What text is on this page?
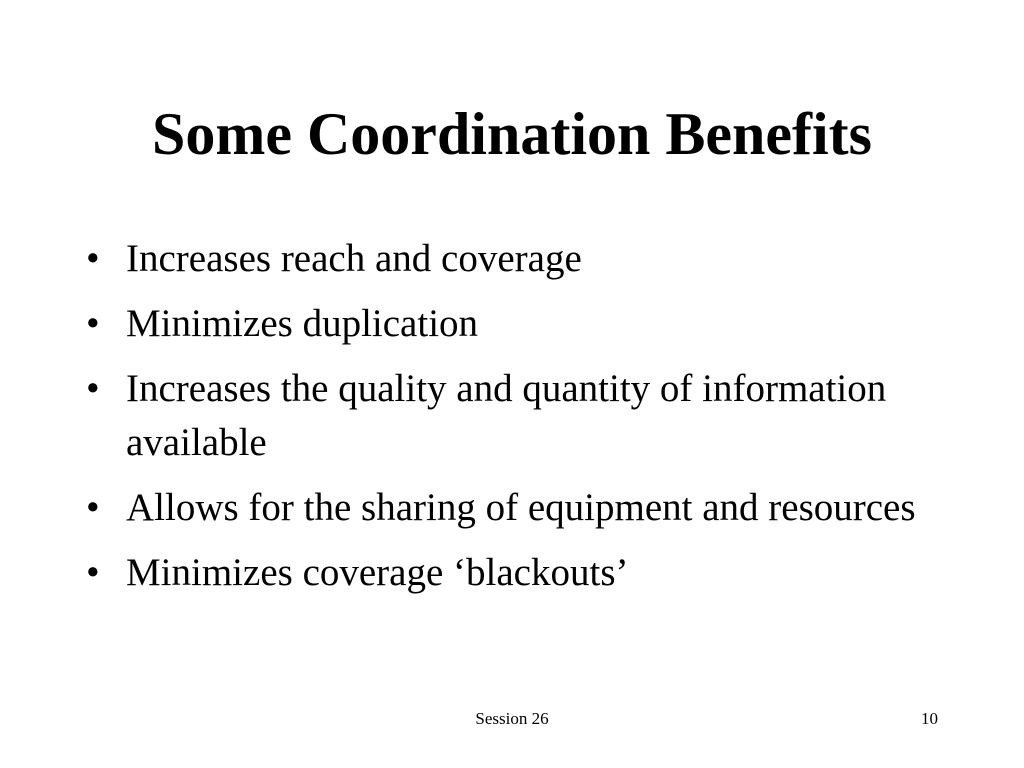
Some Coordination Benefits
• Increases reach and coverage
• Minimizes duplication
• Increases the quality and quantity of information available
• Allows for the sharing of equipment and resources
• Minimizes coverage ‘blackouts’
Session 26	10
